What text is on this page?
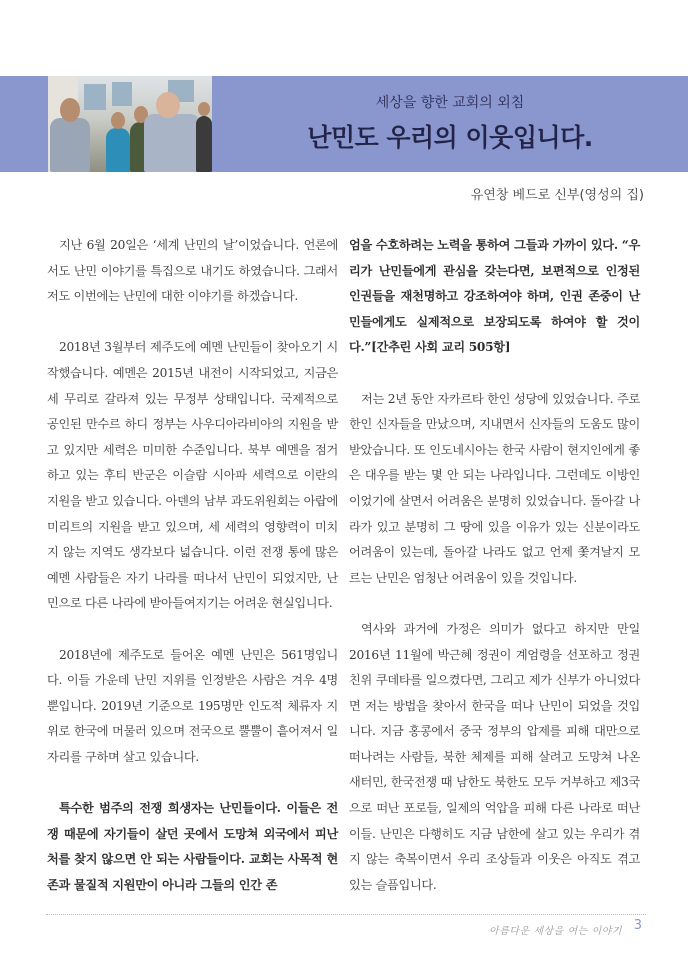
세상을 향한 교회의 외침
난민도 우리의 이웃입니다.
유연창 베드로 신부(영성의 집)

지난 6월 20일은 ‘세계 난민의 날’이었습니다. 언론에서도 난민 이야기를 특집으로 내기도 하였습니다. 그래서 저도 이번에는 난민에 대한 이야기를 하겠습니다.

2018년 3월부터 제주도에 예멘 난민들이 찾아오기 시작했습니다. 예멘은 2015년 내전이 시작되었고, 지금은 세 무리로 갈라져 있는 무정부 상태입니다. 국제적으로 공인된 만수르 하디 정부는 사우디아라비아의 지원을 받고 있지만 세력은 미미한 수준입니다. 북부 예멘을 점거하고 있는 후티 반군은 이슬람 시아파 세력으로 이란의 지원을 받고 있습니다. 아덴의 남부 과도위원회는 아랍에미리트의 지원을 받고 있으며, 세 세력의 영향력이 미치지 않는 지역도 생각보다 넓습니다. 이런 전쟁 통에 많은 예멘 사람들은 자기 나라를 떠나서 난민이 되었지만, 난민으로 다른 나라에 받아들여지기는 어려운 현실입니다.

2018년에 제주도로 들어온 예멘 난민은 561명입니다. 이들 가운데 난민 지위를 인정받은 사람은 겨우 4명뿐입니다. 2019년 기준으로 195명만 인도적 체류자 지위로 한국에 머물러 있으며 전국으로 뿔뿔이 흩어져서 일자리를 구하며 살고 있습니다.

특수한 범주의 전쟁 희생자는 난민들이다. 이들은 전쟁 때문에 자기들이 살던 곳에서 도망쳐 외국에서 피난처를 찾지 않으면 안 되는 사람들이다. 교회는 사목적 현존과 물질적 지원만이 아니라 그들의 인간 존

엄을 수호하려는 노력을 통하여 그들과 가까이 있다. “우리가 난민들에게 관심을 갖는다면, 보편적으로 인정된 인권들을 재천명하고 강조하여야 하며, 인권 존중이 난민들에게도 실제적으로 보장되도록 하여야 할 것이다.”[간추린 사회 교리 505항]

저는 2년 동안 자카르타 한인 성당에 있었습니다. 주로 한인 신자들을 만났으며, 지내면서 신자들의 도움도 많이 받았습니다. 또 인도네시아는 한국 사람이 현지인에게 좋은 대우를 받는 몇 안 되는 나라입니다. 그런데도 이방인이었기에 살면서 어려움은 분명히 있었습니다. 돌아갈 나라가 있고 분명히 그 땅에 있을 이유가 있는 신분이라도 어려움이 있는데, 돌아갈 나라도 없고 언제 쫓겨날지 모르는 난민은 엄청난 어려움이 있을 것입니다.

역사와 과거에 가정은 의미가 없다고 하지만 만일 2016년 11월에 박근혜 정권이 계엄령을 선포하고 정권 친위 쿠데타를 일으켰다면, 그리고 제가 신부가 아니었다면 저는 방법을 찾아서 한국을 떠나 난민이 되었을 것입니다. 지금 홍콩에서 중국 정부의 압제를 피해 대만으로 떠나려는 사람들, 북한 체제를 피해 살려고 도망쳐 나온 새터민, 한국전쟁 때 남한도 북한도 모두 거부하고 제3국으로 떠난 포로들, 일제의 억압을 피해 다른 나라로 떠난 이들. 난민은 다행히도 지금 남한에 살고 있는 우리가 겪지 않는 축복이면서 우리 조상들과 이웃은 아직도 겪고 있는 슬픔입니다.

아름다운 세상을 여는 이야기 3
